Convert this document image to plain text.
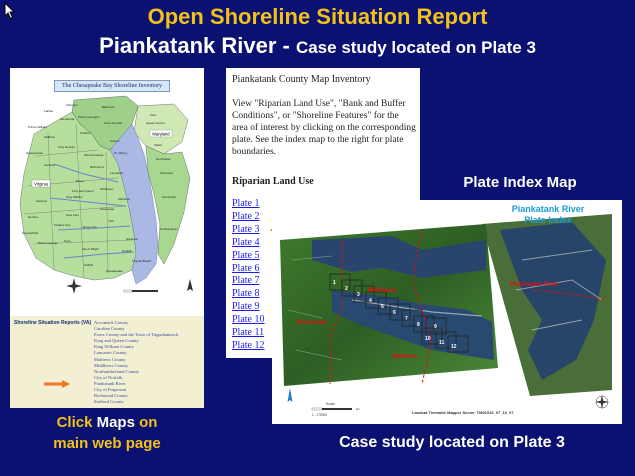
Open Shoreline Situation Report
Piankatank River - Case study located on Plate 3
The Chesapeake Bay Shoreline Inventory
Maryland
Virginia
Baltimore
Anne Arundel
Calvert
St. Mary's
Kent
Queen Anne's
Talbot
Dorchester
Somerset
Accomack
Northampton
Prince George's
Charles
Westmoreland
King George
Lancaster
Richmond
Essex
Caroline
Middlesex
Mathews
Gloucester
King William
King and Queen
Hanover
Henrico	New Kent
James City
York
Charles City
Chesterfield
Prince George Surry
Isle of Wight
Suffolk
Chesapeake
Virginia Beach
Norfolk
Hampton
Spotsylvania
Stafford
Fairfax
Arlington
Alexandria
Prince William
Shoreline Situation Reports (VA) Accomack County
Caroline County
Essex County and the Town of Tappahannock
King and Queen County
King William County
Lancaster County
Mathews County
Middlesex County
Northumberland County
City of Norfolk
Piankatank River
City of Poquoson
Richmond County
Stafford County
Click Maps on
main web page
Piankatank County Map Inventory
View "Riparian Land Use", "Bank and Buffer Conditions", or "Shoreline Features" for the area of interest by clicking on the corresponding plate. See the index map to the right for plate boundaries.
Riparian Land Use
Plate 1
Plate 2
Plate 3
Plate 4
Plate 5
Plate 6
Plate 7
Plate 8
Plate 9
Plate 10
Plate 11
Plate 12
Plate Index Map
Piankatank River
Plate Index
1
2
3
4
5
6
7
8	9
10
11
12
Middlesex
Gloucester
Mathews
Piankatank River
Scale
km
1 : 175000	Landsat Thematic Mapper Scene: TM01516_07_16_07
Case study located on Plate 3
